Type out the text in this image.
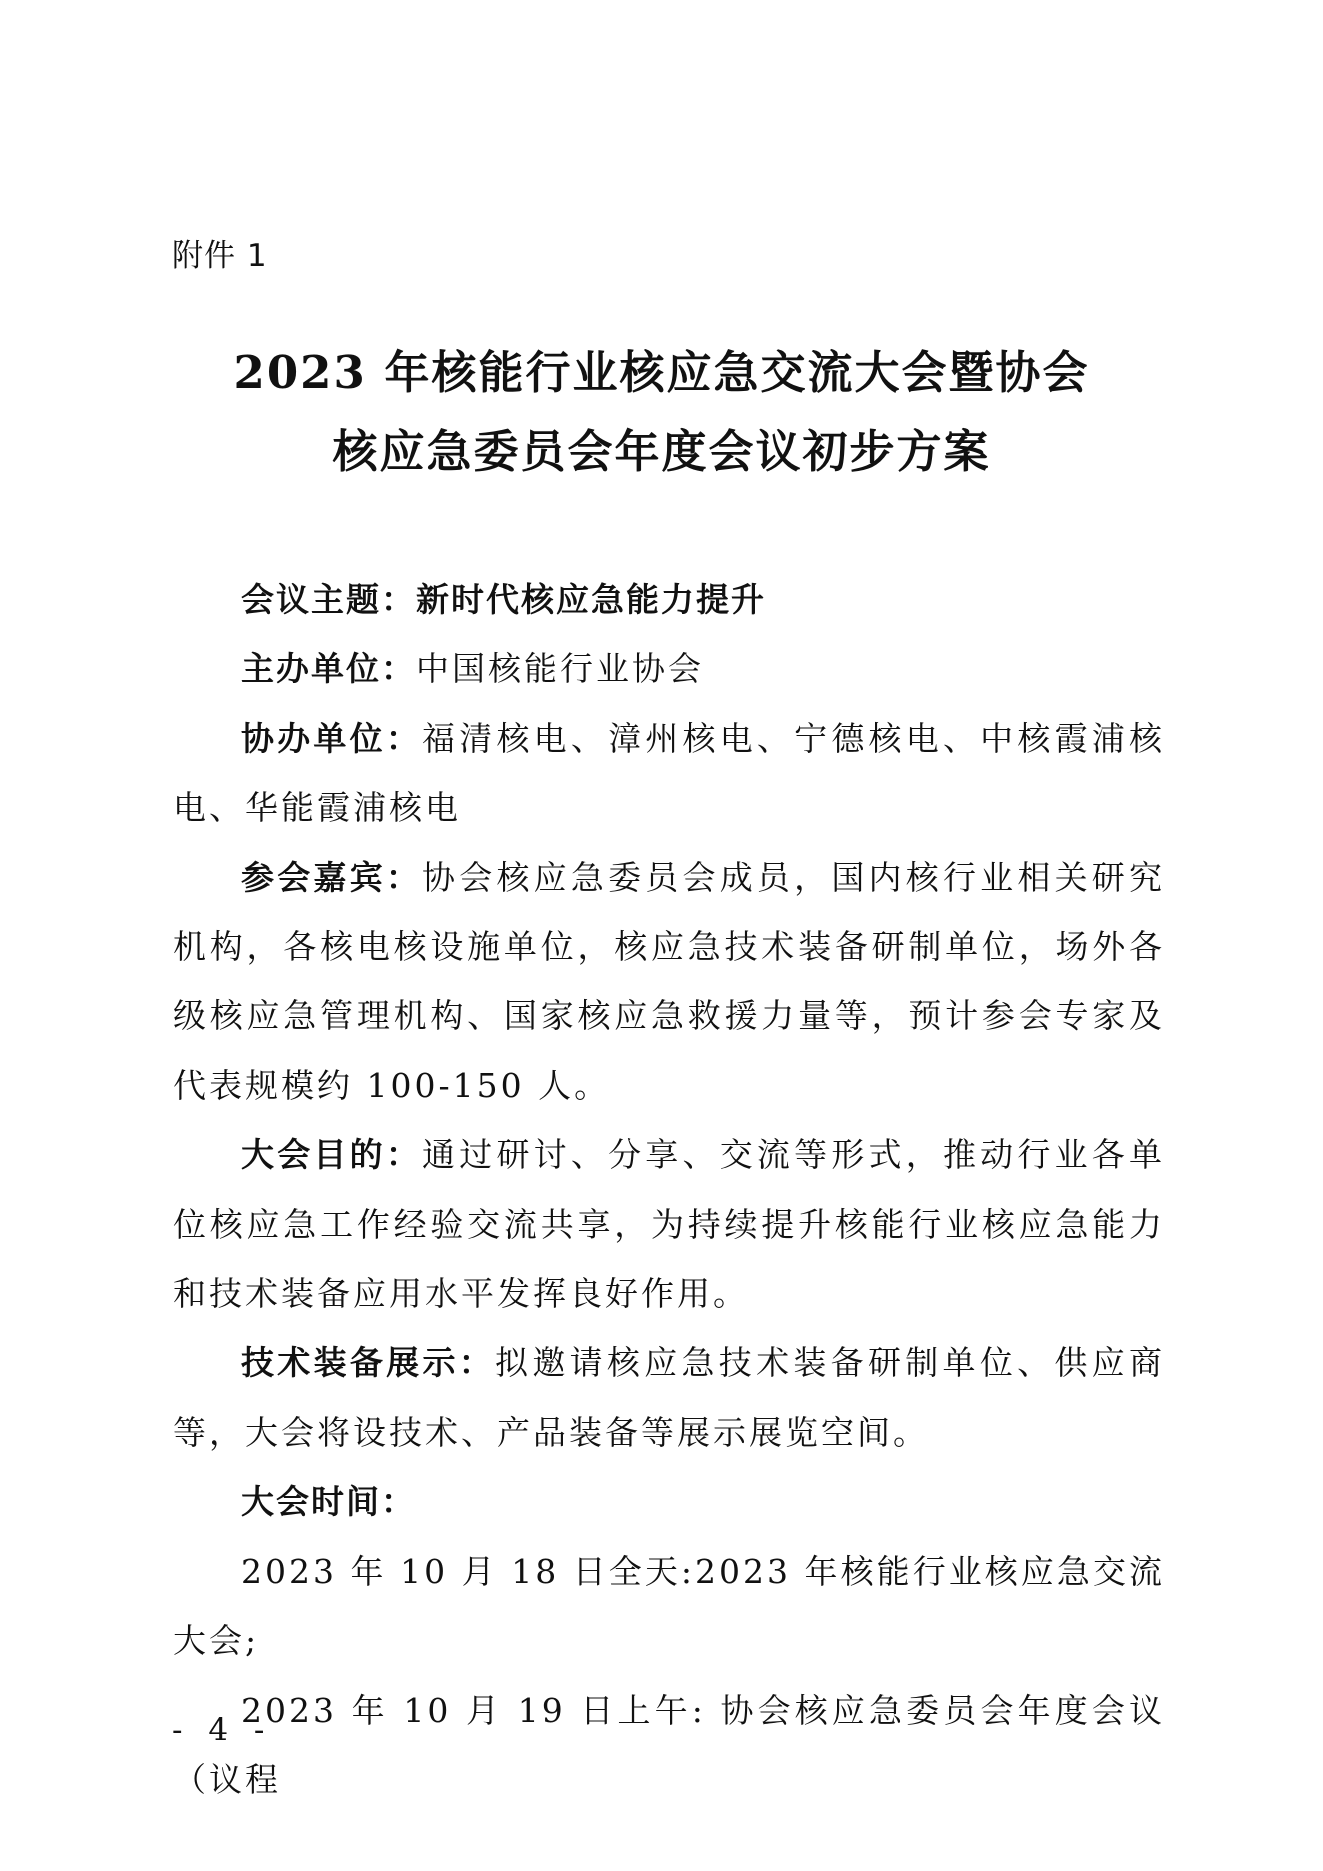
附件 1
2023 年核能行业核应急交流大会暨协会
核应急委员会年度会议初步方案

会议主题：新时代核应急能力提升

主办单位：中国核能行业协会

协办单位：福清核电、漳州核电、宁德核电、中核霞浦核电、华能霞浦核电

参会嘉宾：协会核应急委员会成员，国内核行业相关研究机构，各核电核设施单位，核应急技术装备研制单位，场外各级核应急管理机构、国家核应急救援力量等，预计参会专家及代表规模约 100-150 人。

大会目的：通过研讨、分享、交流等形式，推动行业各单位核应急工作经验交流共享，为持续提升核能行业核应急能力和技术装备应用水平发挥良好作用。

技术装备展示：拟邀请核应急技术装备研制单位、供应商等，大会将设技术、产品装备等展示展览空间。

大会时间：

2023 年 10 月 18 日全天:2023 年核能行业核应急交流大会;

2023 年 10 月 19 日上午: 协会核应急委员会年度会议（议程

- 4 -
